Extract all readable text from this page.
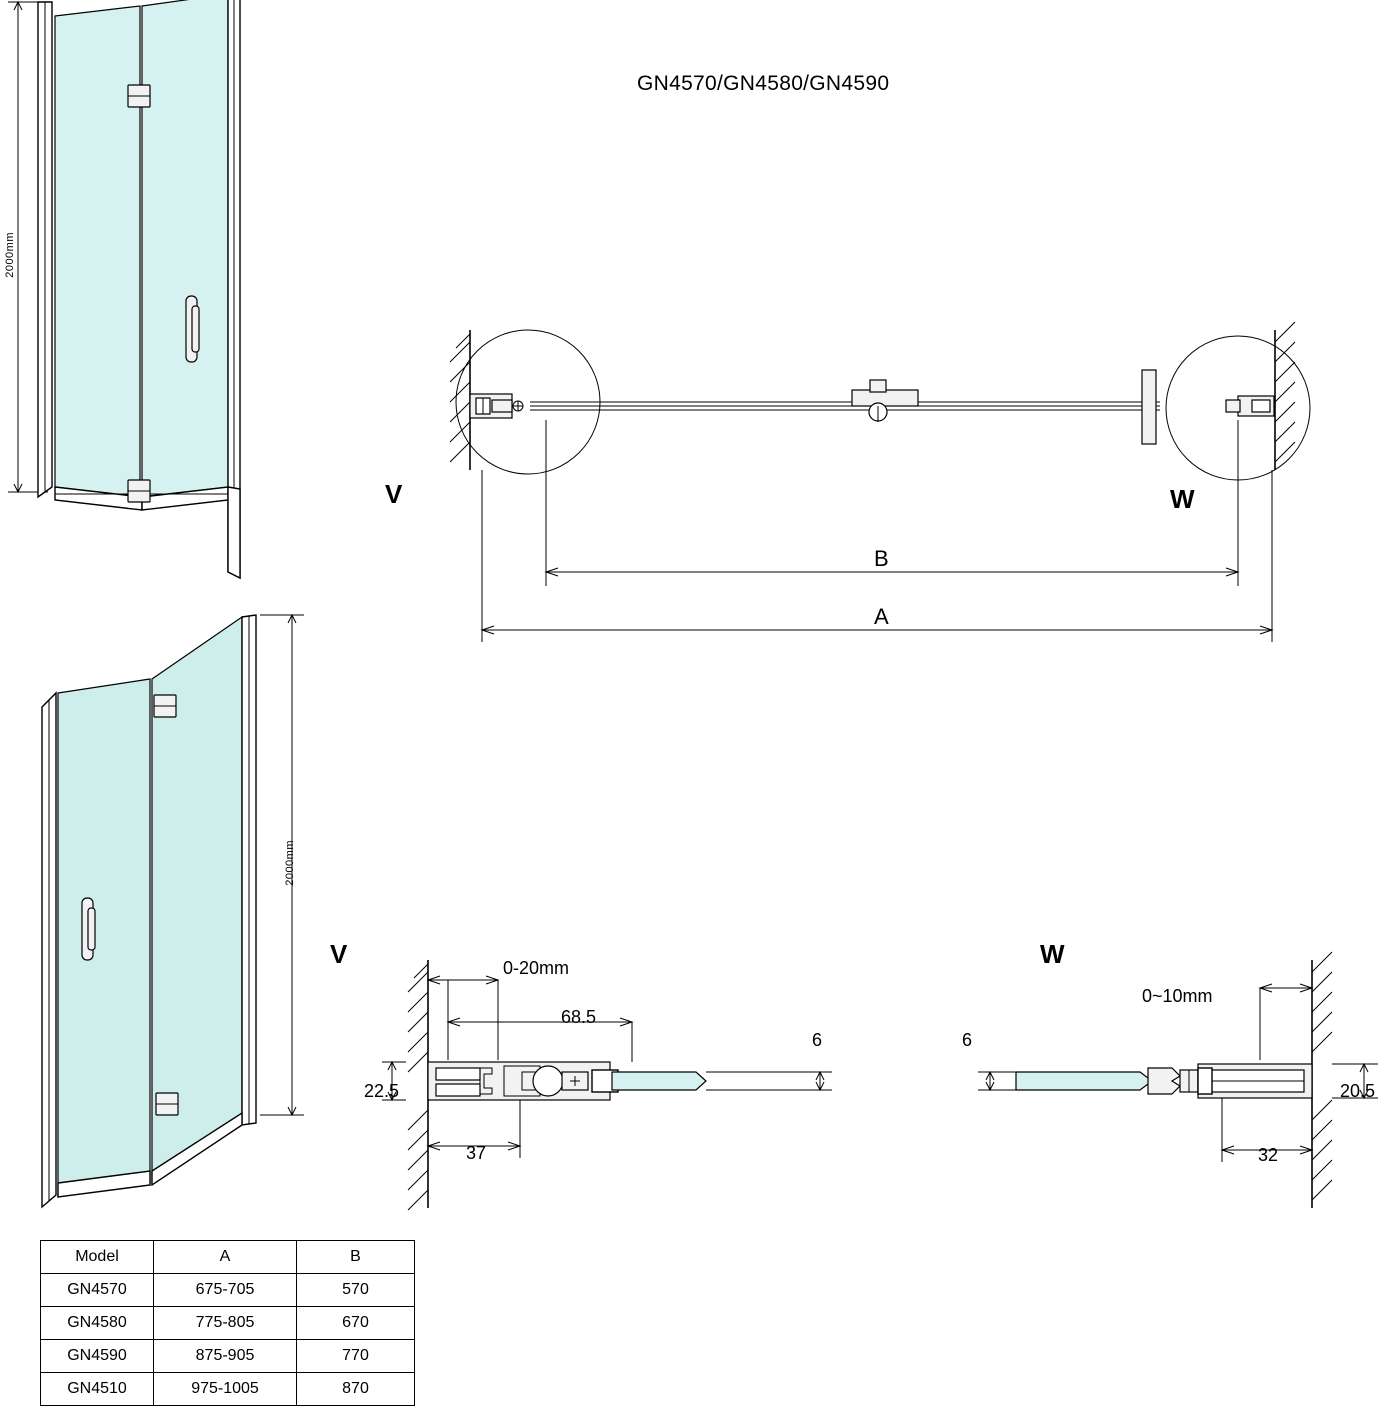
GN4570/GN4580/GN4590
2000mm
2000mm
V	W
B
A
V	0-20mm
68.5
6
22.5
37
W
0~10mm
6
20.5
32
Model	A	B
GN4570	675-705	570
GN4580	775-805	670
GN4590	875-905	770
GN4510	975-1005	870
